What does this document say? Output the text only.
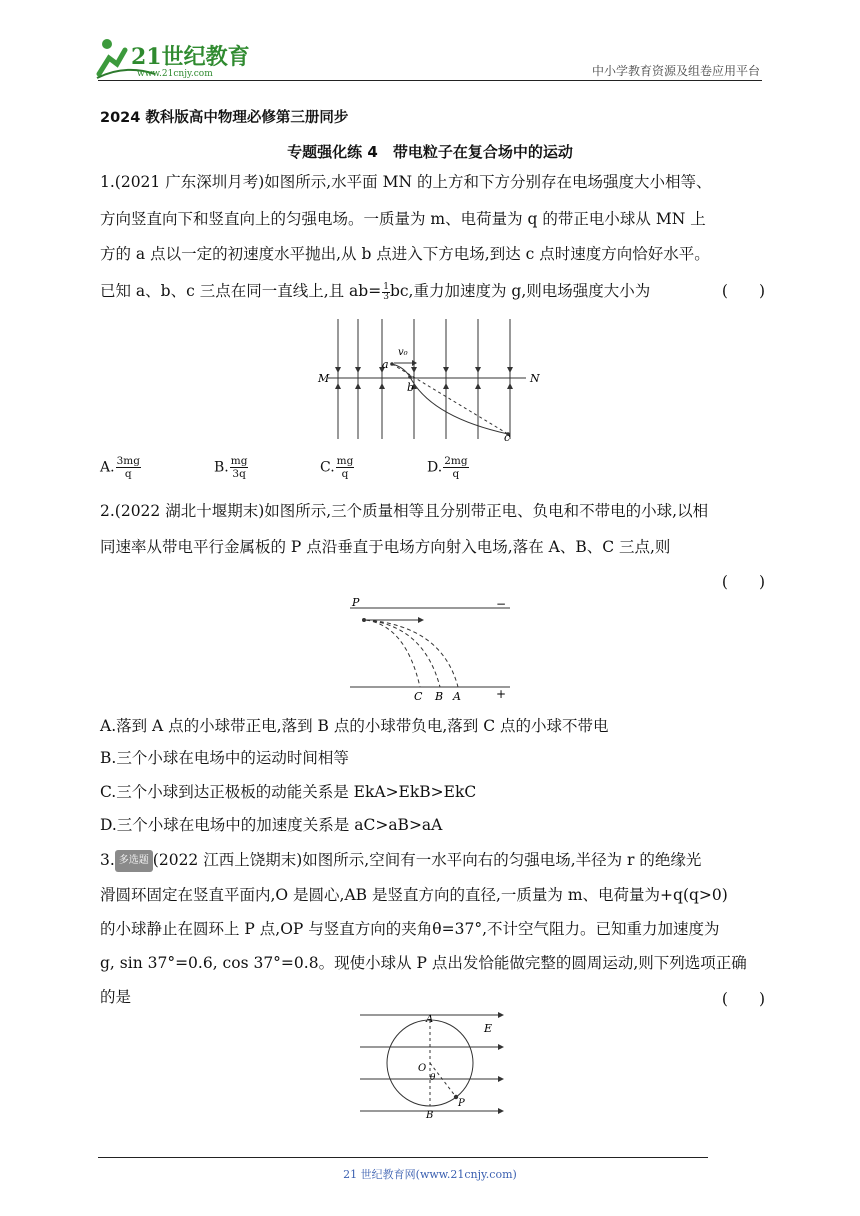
21世纪教育
www.21cnjy.com	中小学教育资源及组卷应用平台
2024 教科版高中物理必修第三册同步
专题强化练 4　带电粒子在复合场中的运动
1.(2021 广东深圳月考)如图所示,水平面 MN 的上方和下方分别存在电场强度大小相等、
方向竖直向下和竖直向上的匀强电场。一质量为 m、电荷量为 q 的带正电小球从 MN 上
方的 a 点以一定的初速度水平抛出,从 b 点进入下方电场,到达 c 点时速度方向恰好水平。
已知 a、b、c 三点在同一直线上,且 $ab= \frac{1}{3}$ bc,重力加速度为 g,则电场强度大小为	(　　)
M	N
a
b
c
v₀
A. $\frac{3mg}{q}$	B. $\frac{mg}{3q}$	C. $\frac{mg}{q}$	D. $\frac{2mg}{q}$
2.(2022 湖北十堰期末)如图所示,三个质量相等且分别带正电、负电和不带电的小球,以相
同速率从带电平行金属板的 P 点沿垂直于电场方向射入电场,落在 A、B、C 三点,则
(　　)
P	−
+
C B A
A.落到 A 点的小球带正电,落到 B 点的小球带负电,落到 C 点的小球不带电
B.三个小球在电场中的运动时间相等
C.三个小球到达正极板的动能关系是 EkA>EkB>EkC
D.三个小球在电场中的加速度关系是 aC>aB>aA
3. 多选题 (2022 江西上饶期末)如图所示,空间有一水平向右的匀强电场,半径为 r 的绝缘光
滑圆环固定在竖直平面内,O 是圆心,AB 是竖直方向的直径,一质量为 m、电荷量为+q(q>0)
的小球静止在圆环上 P 点,OP 与竖直方向的夹角θ=37°,不计空气阻力。已知重力加速度为
g, sin 37°=0.6, cos 37°=0.8。现使小球从 P 点出发恰能做完整的圆周运动,则下列选项正确
的是	(　　)
A
B
O
P
E
θ
21 世纪教育网(www.21cnjy.com)
